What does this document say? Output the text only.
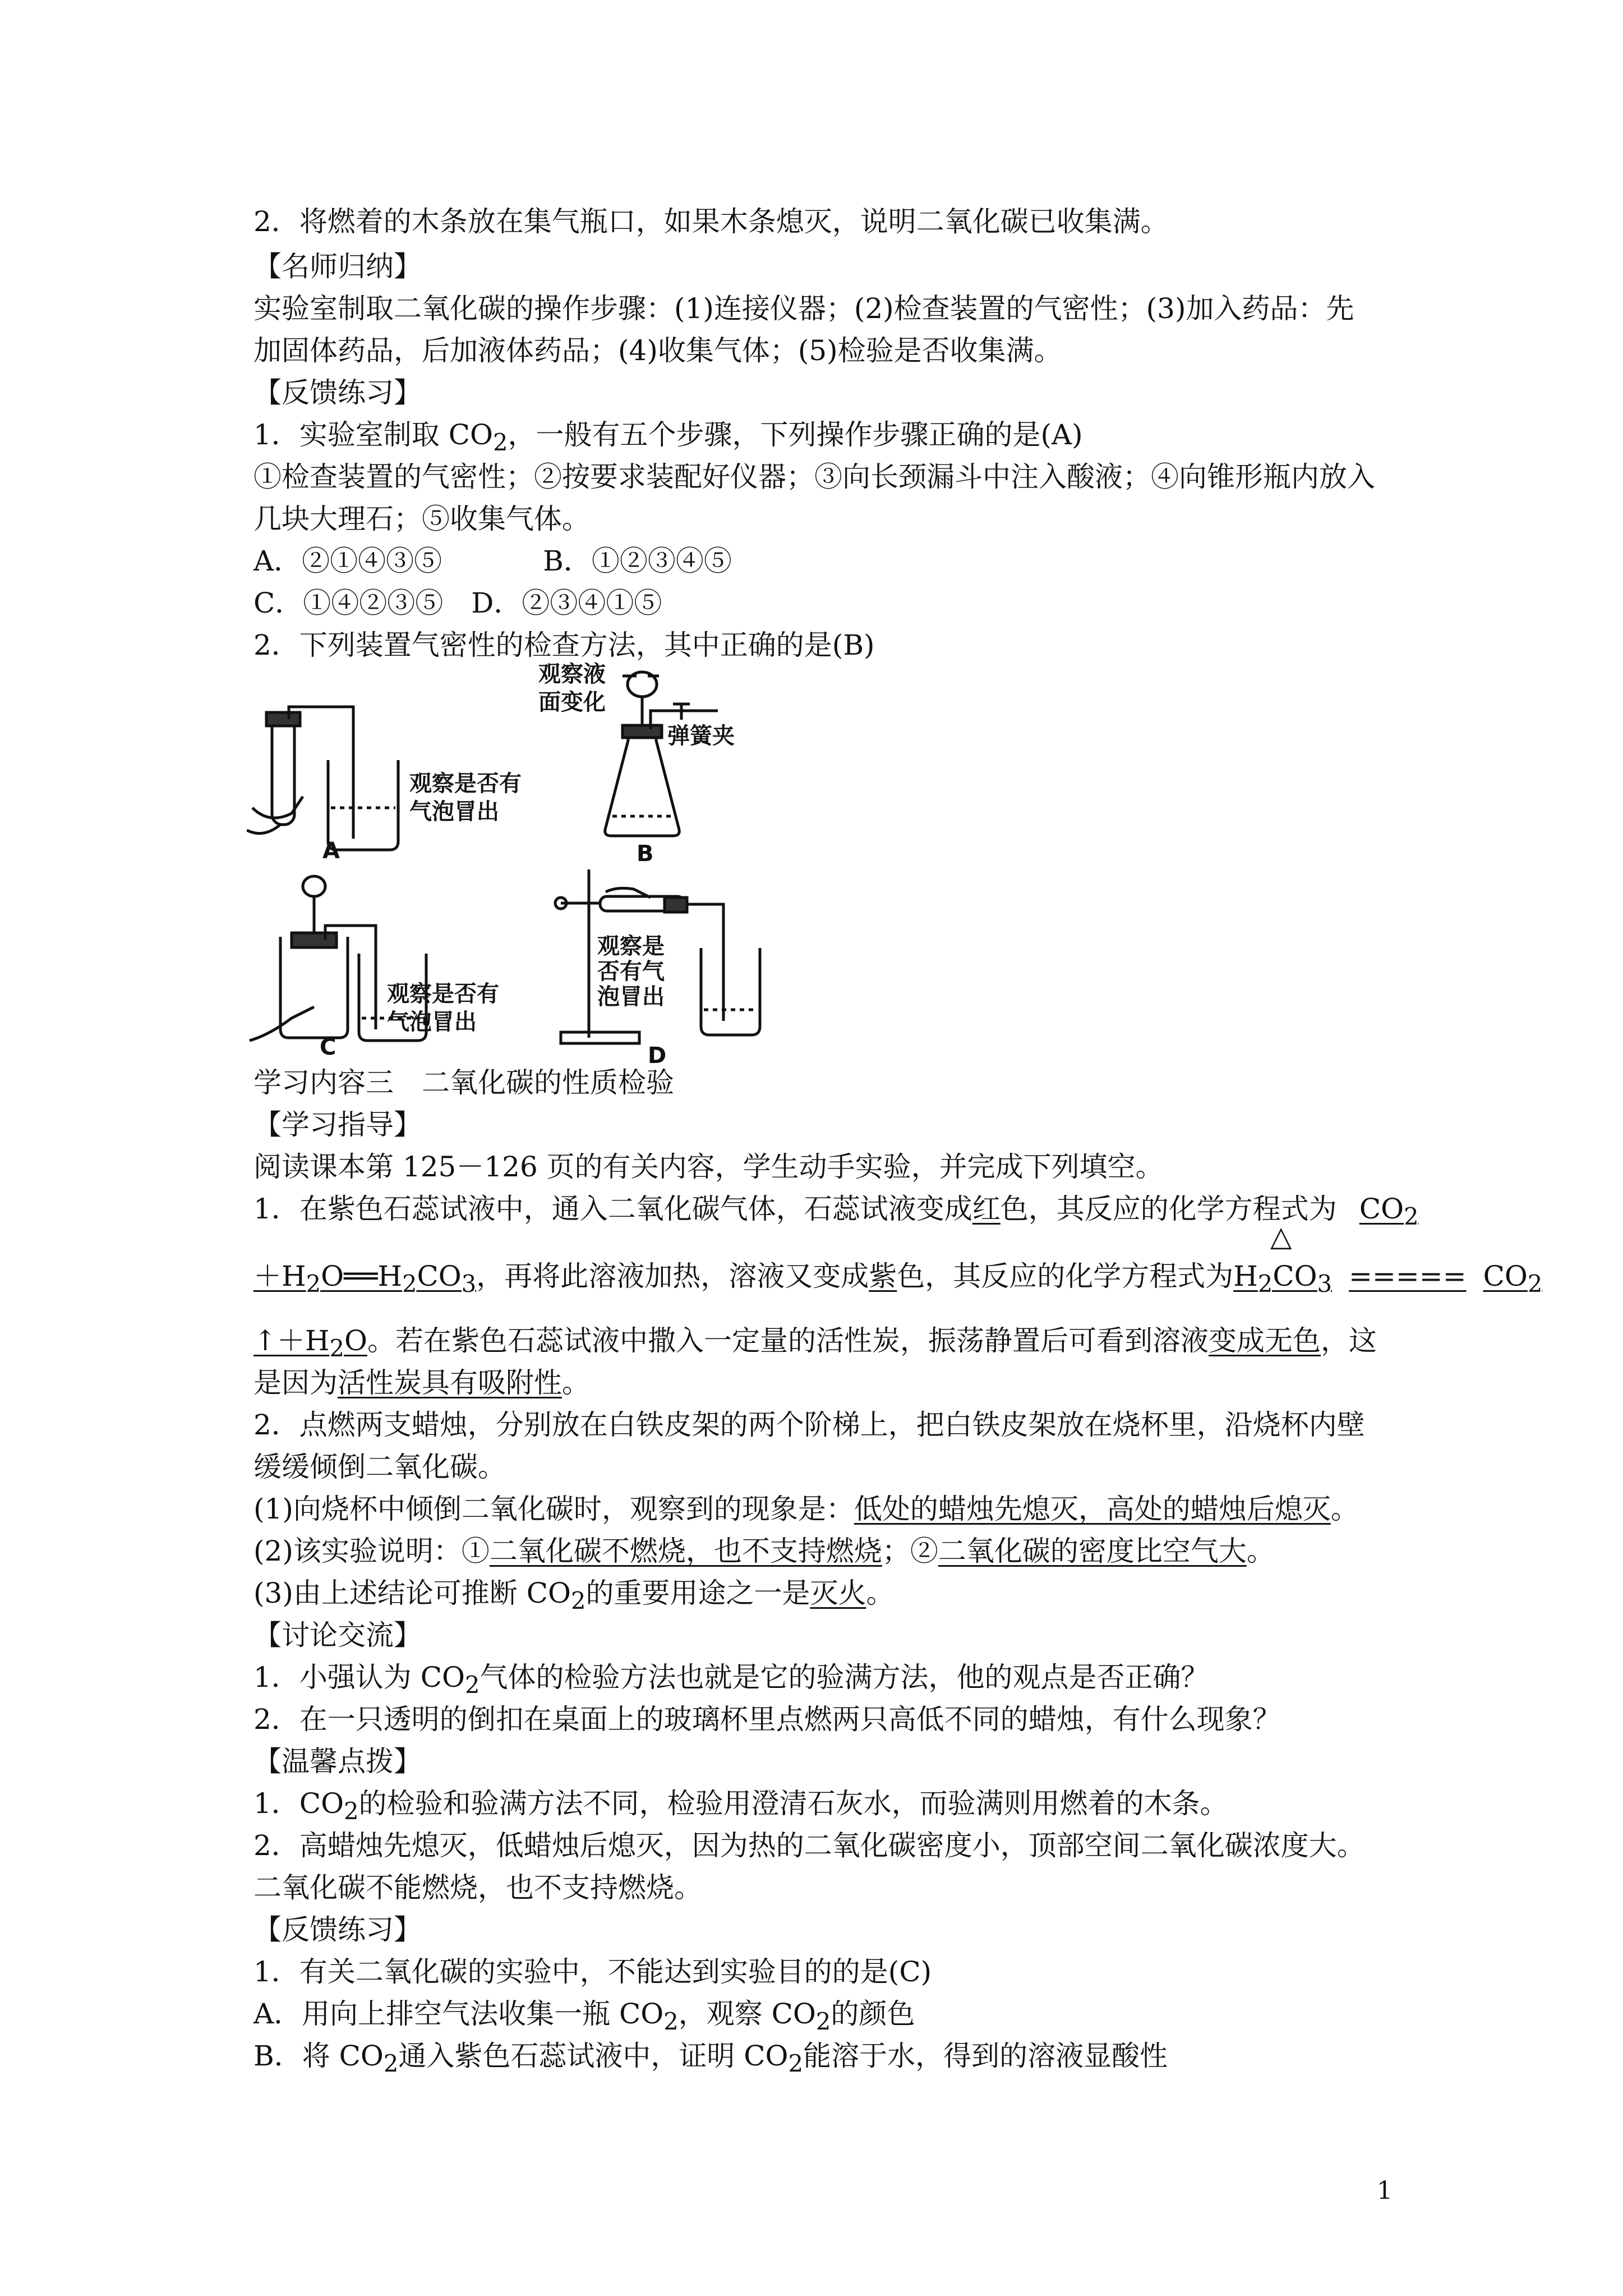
2．将燃着的木条放在集气瓶口，如果木条熄灭，说明二氧化碳已收集满。
【名师归纳】
实验室制取二氧化碳的操作步骤：(1)连接仪器；(2)检查装置的气密性；(3)加入药品：先
加固体药品，后加液体药品；(4)收集气体；(5)检验是否收集满。
【反馈练习】
1．实验室制取 $CO_2$，一般有五个步骤，下列操作步骤正确的是(A)
①检查装置的气密性；②按要求装配好仪器；③向长颈漏斗中注入酸液；④向锥形瓶内放入
几块大理石；⑤收集气体。
A．②①④③⑤	B．①②③④⑤
C．①④②③⑤　D．②③④①⑤
2．下列装置气密性的检查方法，其中正确的是(B)
观察是否有
气泡冒出
A
观察液
面变化
弹簧夹
B
观察是否有
气泡冒出
C
观察是
否有气
泡冒出
D
学习内容三　二氧化碳的性质检验
【学习指导】
阅读课本第 125－126 页的有关内容，学生动手实验，并完成下列填空。
1．在紫色石蕊试液中，通入二氧化碳气体，石蕊试液变成红色，其反应的化学方程式为 $CO_2$
$+H_2O══H_2CO_3$，再将此溶液加热，溶液又变成紫色，其反应的化学方程式为$H_2CO_3$ ===== $CO_2$
△
$↑+H_2O$。若在紫色石蕊试液中撒入一定量的活性炭，振荡静置后可看到溶液变成无色，这
是因为活性炭具有吸附性。
2．点燃两支蜡烛，分别放在白铁皮架的两个阶梯上，把白铁皮架放在烧杯里，沿烧杯内壁
缓缓倾倒二氧化碳。
(1)向烧杯中倾倒二氧化碳时，观察到的现象是：低处的蜡烛先熄灭，高处的蜡烛后熄灭。
(2)该实验说明：①二氧化碳不燃烧，也不支持燃烧；②二氧化碳的密度比空气大。
(3)由上述结论可推断 $CO_2$的重要用途之一是灭火。
【讨论交流】
1．小强认为 $CO_2$气体的检验方法也就是它的验满方法，他的观点是否正确？
2．在一只透明的倒扣在桌面上的玻璃杯里点燃两只高低不同的蜡烛，有什么现象？
【温馨点拨】
1．$CO_2$的检验和验满方法不同，检验用澄清石灰水，而验满则用燃着的木条。
2．高蜡烛先熄灭，低蜡烛后熄灭，因为热的二氧化碳密度小，顶部空间二氧化碳浓度大。
二氧化碳不能燃烧，也不支持燃烧。
【反馈练习】
1．有关二氧化碳的实验中，不能达到实验目的的是(C)
A．用向上排空气法收集一瓶 $CO_2$，观察 $CO_2$的颜色
B．将 $CO_2$通入紫色石蕊试液中，证明 $CO_2$能溶于水，得到的溶液显酸性
1
